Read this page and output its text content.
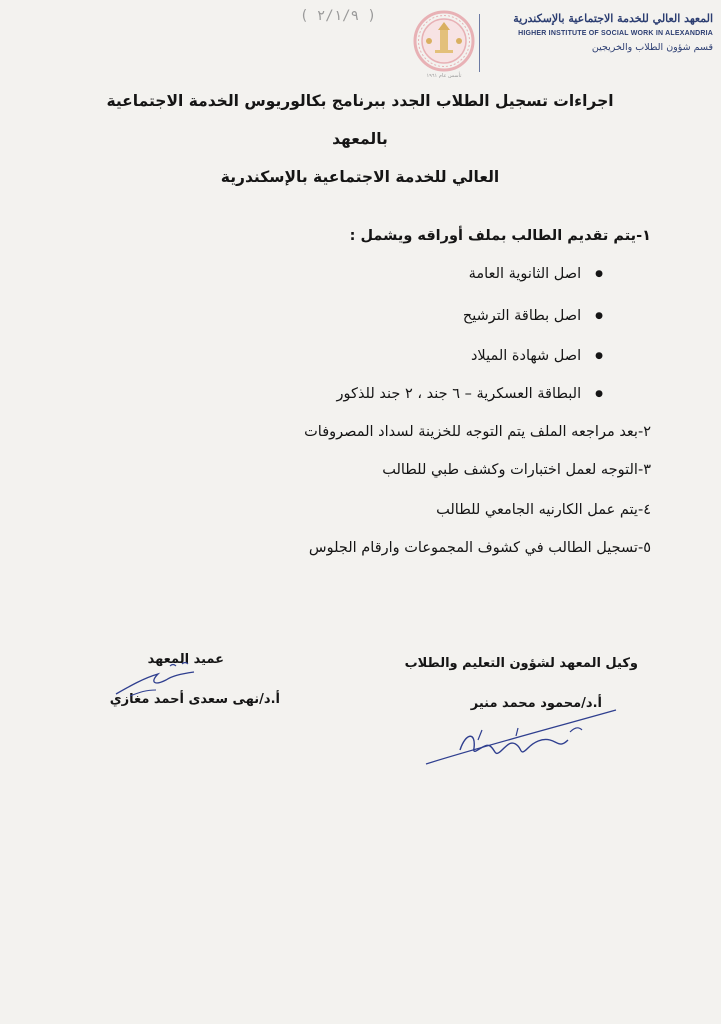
تأسس عام ١٩٦١
المعهد العالي للخدمة الاجتماعية بالإسكندرية
HIGHER INSTITUTE OF SOCIAL WORK IN ALEXANDRIA
قسم شؤون الطلاب والخريجين
( ٢/١/٩ )
اجراءات تسجيل الطلاب الجدد ببرنامج بكالوريوس الخدمة الاجتماعية بالمعهد
العالي للخدمة الاجتماعية بالإسكندرية
١-يتم تقديم الطالب بملف أوراقه ويشمل :
● اصل الثانوية العامة
● اصل بطاقة الترشيح
● اصل شهادة الميلاد
● البطاقة العسكرية – ٦ جند ، ٢ جند للذكور
٢-بعد مراجعه الملف يتم التوجه للخزينة لسداد المصروفات
٣-التوجه لعمل اختبارات وكشف طبي للطالب
٤-يتم عمل الكارنيه الجامعي للطالب
٥-تسجيل الطالب في كشوف المجموعات وارقام الجلوس
عميد المعهد
أ.د/نهى سعدى أحمد مغازي
وكيل المعهد لشؤون التعليم والطلاب
أ.د/محمود محمد منير
